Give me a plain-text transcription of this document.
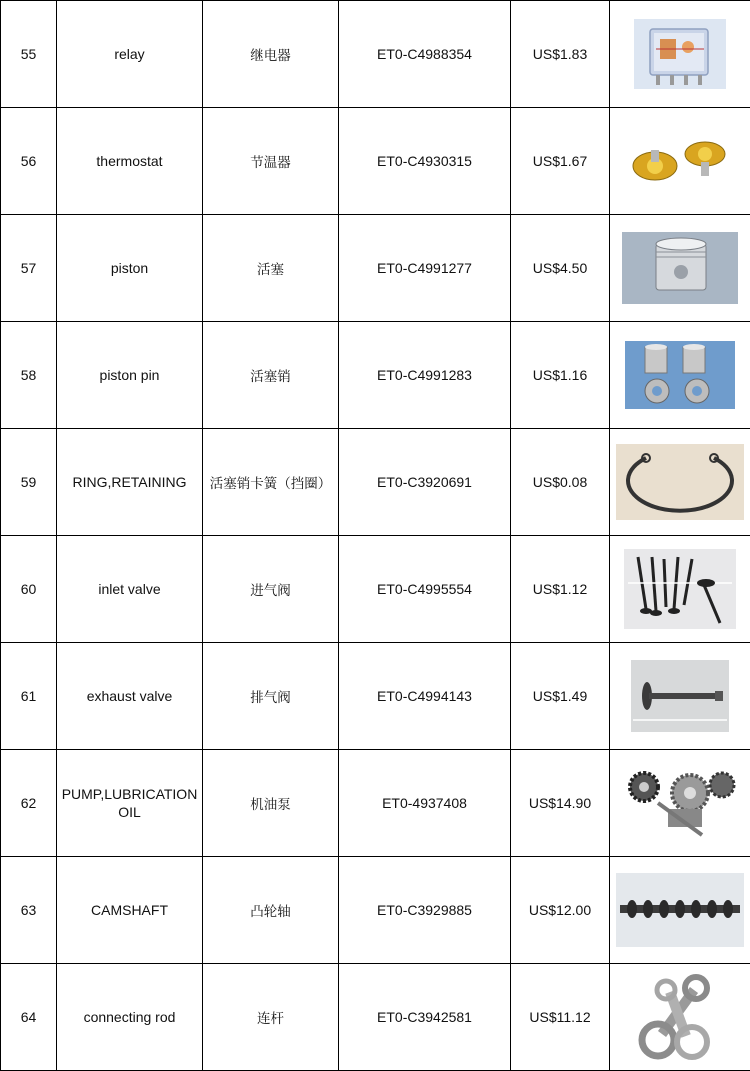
55	relay	继电器	ET0-C4988354	US$1.83	

56	thermostat	节温器	ET0-C4930315	US$1.67	

57	piston	活塞	ET0-C4991277	US$4.50	

58	piston pin	活塞销	ET0-C4991283	US$1.16	

59	RING,RETAINING	活塞销卡簧（挡圈）	ET0-C3920691	US$0.08	

60	inlet valve	进气阀	ET0-C4995554	US$1.12	

61	exhaust valve	排气阀	ET0-C4994143	US$1.49	

62	PUMP,LUBRICATION OIL	机油泵	ET0-4937408	US$14.90	

63	CAMSHAFT	凸轮轴	ET0-C3929885	US$12.00	

64	connecting rod	连杆	ET0-C3942581	US$11.12	
